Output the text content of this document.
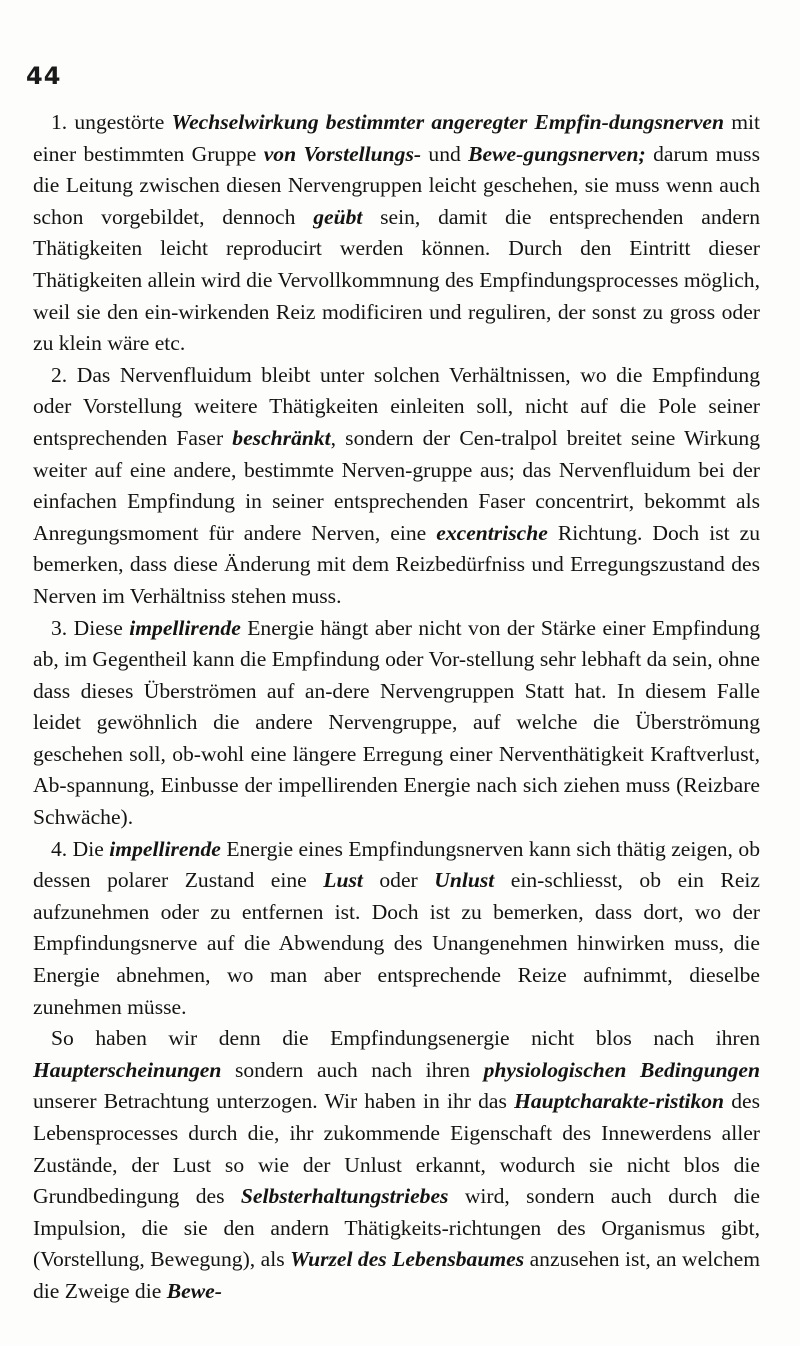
44

1. ungestörte Wechselwirkung bestimmter angeregter Empfin-dungsnerven mit einer bestimmten Gruppe von Vorstellungs- und Bewe-gungsnerven; darum muss die Leitung zwischen diesen Nervengruppen leicht geschehen, sie muss wenn auch schon vorgebildet, dennoch geübt sein, damit die entsprechenden andern Thätigkeiten leicht reproducirt werden können. Durch den Eintritt dieser Thätigkeiten allein wird die Vervollkommnung des Empfindungsprocesses möglich, weil sie den ein-wirkenden Reiz modificiren und reguliren, der sonst zu gross oder zu klein wäre etc.

2. Das Nervenfluidum bleibt unter solchen Verhältnissen, wo die Empfindung oder Vorstellung weitere Thätigkeiten einleiten soll, nicht auf die Pole seiner entsprechenden Faser beschränkt, sondern der Cen-tralpol breitet seine Wirkung weiter auf eine andere, bestimmte Nerven-gruppe aus; das Nervenfluidum bei der einfachen Empfindung in seiner entsprechenden Faser concentrirt, bekommt als Anregungsmoment für andere Nerven, eine excentrische Richtung. Doch ist zu bemerken, dass diese Änderung mit dem Reizbedürfniss und Erregungszustand des Nerven im Verhältniss stehen muss.

3. Diese impellirende Energie hängt aber nicht von der Stärke einer Empfindung ab, im Gegentheil kann die Empfindung oder Vor-stellung sehr lebhaft da sein, ohne dass dieses Überströmen auf an-dere Nervengruppen Statt hat. In diesem Falle leidet gewöhnlich die andere Nervengruppe, auf welche die Überströmung geschehen soll, ob-wohl eine längere Erregung einer Nerventhätigkeit Kraftverlust, Ab-spannung, Einbusse der impellirenden Energie nach sich ziehen muss (Reizbare Schwäche).

4. Die impellirende Energie eines Empfindungsnerven kann sich thätig zeigen, ob dessen polarer Zustand eine Lust oder Unlust ein-schliesst, ob ein Reiz aufzunehmen oder zu entfernen ist. Doch ist zu bemerken, dass dort, wo der Empfindungsnerve auf die Abwendung des Unangenehmen hinwirken muss, die Energie abnehmen, wo man aber entsprechende Reize aufnimmt, dieselbe zunehmen müsse.

So haben wir denn die Empfindungsenergie nicht blos nach ihren Haupterscheinungen sondern auch nach ihren physiologischen Bedingungen unserer Betrachtung unterzogen. Wir haben in ihr das Hauptcharakte-ristikon des Lebensprocesses durch die, ihr zukommende Eigenschaft des Innewerdens aller Zustände, der Lust so wie der Unlust erkannt, wodurch sie nicht blos die Grundbedingung des Selbsterhaltungstriebes wird, sondern auch durch die Impulsion, die sie den andern Thätigkeits-richtungen des Organismus gibt, (Vorstellung, Bewegung), als Wurzel des Lebensbaumes anzusehen ist, an welchem die Zweige die Bewe-
